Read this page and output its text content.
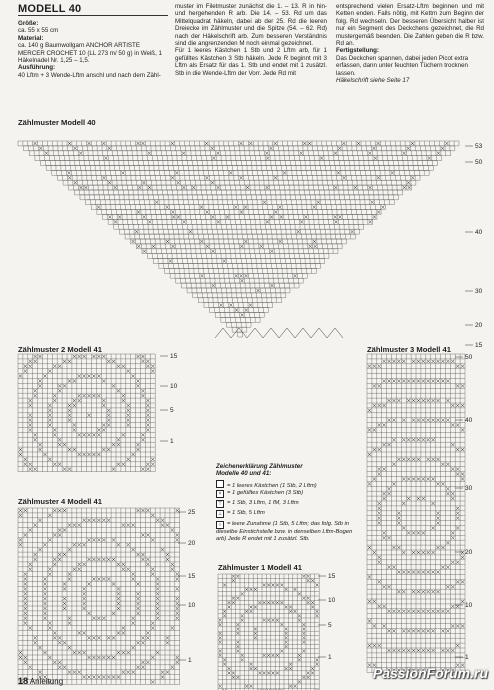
MODELL 40

Größe:

ca. 55 x 55 cm

Material:

ca. 140 g Baumwollgarn ANCHOR ARTISTE MERCER CROCHET 10 (LL 273 m/ 50 g) in Weiß, 1 Häkelnadel Nr. 1,25 – 1,5.

Ausführung:

40 Lftm + 3 Wende-Lftm anschl und nach dem Zähl-

muster im Filetmuster zunächst die 1. – 13. R in hin- und hergehenden R arb. Die 14. – 53. Rd um das Mittelquadrat häkeln, dabei ab der 25. Rd die leeren Dreiecke im Zählmuster und die Spitze (54. – 62. Rd) nach der Häkelschrift arb. Zum besseren Verständnis sind die angrenzenden M noch einmal gezeichnet.
Für 1 leeres Kästchen 1 Stb und 2 Lftm arb, für 1 gefülltes Kästchen 3 Stb häkeln. Jede R beginnt mit 3 Lftm als Ersatz für das 1. Stb und endet mit 1 zusätzl. Stb in die Wende-Lftm der Vorr. Jede Rd mit

entsprechend vielen Ersatz-Lftm beginnen und mit Ketten enden. Falls nötig, mit Kettm zum Beginn der folg. Rd wechseln. Der besseren Übersicht halber ist nur ein Segment des Deckchens gezeichnet, die Rd mustergemäß beenden. Die Zahlen geben die R bzw. Rd an.

Fertigstellung:

Das Deckchen spannen, dabei jeden Picot extra erfassen, dann unter feuchten Tüchern trocknen lassen.

Häkelschrift siehe Seite 17

Zählmuster Modell 40
Zählmuster 2 Modell 41	Zählmuster 3 Modell 41
Zählmuster 4 Modell 41
Zählmuster 1 Modell 41
53
50
40
30
20
15
15
10
5
1
50
40
30
20
10
1
25
20
15
10
1
15
10
5
1
Zeichenerklärung Zählmuster
Modelle 40 und 41:
= 1 leeres Kästchen (1 Stb, 2 Lftm)
× = 1 gefülltes Kästchen (3 Stb)
⊤ = 1 Stb, 3 Lftm, 1 fM, 3 Lftm
⊥ = 1 Stb, 5 Lftm
○ = leere Zunahme (1 Stb, 5 Lftm; das folg. Stb in dieselbe Einstichstelle bzw. in denselben Lftm-Bogen arb) Jede R endet mit 1 zusätzl. Stb.
18 Anleitung
PassionForum.ru
